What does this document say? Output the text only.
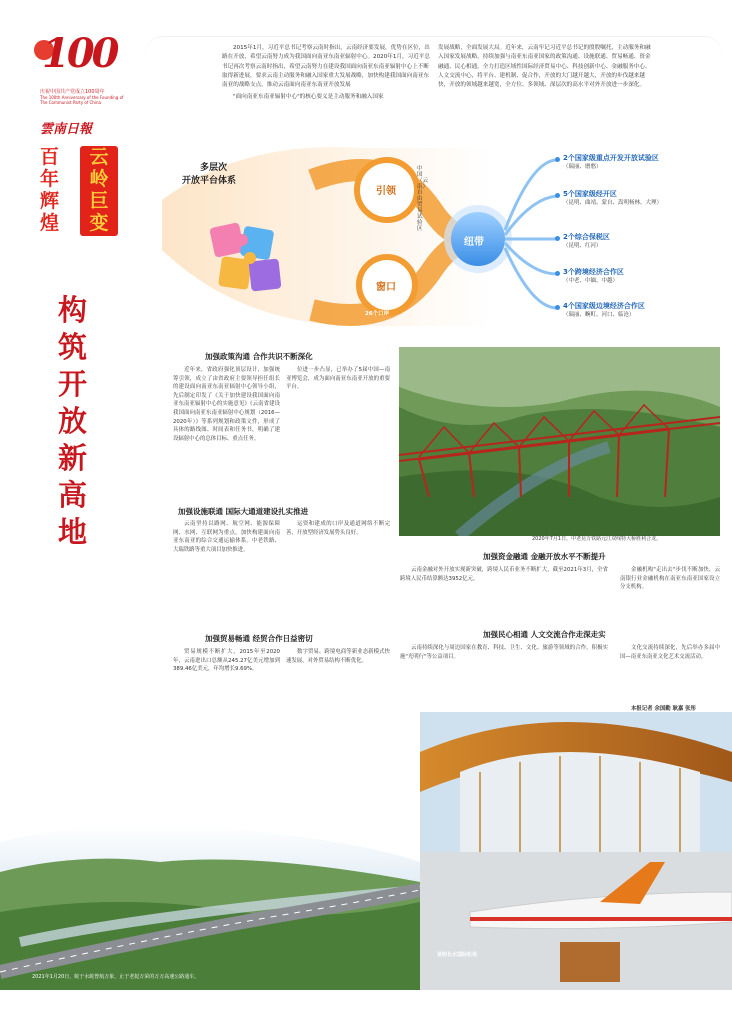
100
庆祝中国共产党成立100周年
The 100th Anniversary of the Founding of The Communist Party of China
雲南日報
百
年
辉
煌
云
岭
巨
变
构
筑
开
放
新
高
地
2015年1月，习近平总书记考察云南时指出，云南经济要发展，优势在区位，出路在开放，希望云南努力成为我国面向南亚东南亚辐射中心。2020年1月，习近平总书记再次考察云南时指出，希望云南努力在建设我国面向南亚东南亚辐射中心上不断取得新进展，要求云南主动服务和融入国家重大发展战略，加快构建我国面向南亚东南亚的战略支点，推动云南面向南亚东南亚开放发展
"面向南亚东南亚辐射中心"的核心要义是主动服务和融入国家
发展战略，全面发展大局。近年来，云南牢记习近平总书记的殷殷嘱托，主动服务和融入国家发展战略，持续加强与南亚东南亚国家的政策沟通、设施联通、贸易畅通、资金融通、民心相通，全力打造区域性国际经济贸易中心、科技创新中心、金融服务中心、人文交流中心，将平台、建机制、促合作，开放的大门越开越大，开放的步伐越来越快，开放的领域越来越宽，全方位、多领域、深层次的高水平对外开放进一步深化。
多层次
开放平台体系
引领
中国（云南）自由贸易试验区
窗口
26个口岸
纽带
2个国家级重点开发开放试验区
（瑞丽、磨憨）
5个国家级经开区
（昆明、曲靖、蒙自、嵩明杨林、大理）
2个综合保税区
（昆明、红河）
3个跨境经济合作区
（中老、中缅、中越）
4个国家级边境经济合作区
（瑞丽、畹町、河口、临沧）
加强政策沟通 合作共识不断深化

近年来，省政府强化顶层设计，加强统筹引领，成立了由省政府主要领导担任组长的建设面向南亚东南亚辐射中心领导小组，先后制定印发了《关于加快建设我国面向南亚东南亚辐射中心的实施意见》《云南省建设我国面向南亚东南亚辐射中心规划（2016—2020年）》等系列规划和政策文件，形成了具体的路线图、时间表和任务书，明确了建设辐射中心的总体目标、重点任务。

位进一步凸显，已举办了5届中国—南亚博览会，成为面向南亚东南亚开放的重要平台。

2020年7月1日，中老昆万铁路元江双线特大桥胜利合龙。
加强设施联通 国际大通道建设扎实推进

云南坚持以路网、航空网、能源保障网、水网、互联网为重点，加快构建面向南亚东南亚的综合交通运输体系。中老铁路、大瑞铁路等重大项目加快推进。

运资和建成的口岸及通道网络不断完善，开放型经济发展势头良好。

加强贸易畅通 经贸合作日益密切

贸易规模不断扩大，2015年至2020年，云南进出口总额从245.27亿美元增加到389.46亿美元，年均增长9.69%。

数字贸易、跨境电商等新业态新模式快速发展，对外贸易结构不断优化。

加强资金融通 金融开放水平不断提升

云南金融对外开放实现新突破，跨境人民币业务不断扩大，截至2021年3月，全省跨境人民币结算额达3952亿元。

金融机构"走出去"步伐不断加快，云南银行业金融机构在南亚东南亚国家设立分支机构。

加强民心相通 人文交流合作走深走实

云南持续深化与周边国家在教育、科技、卫生、文化、旅游等领域的合作，积极实施"光明行"等公益项目。

文化交流持续深化，先后举办多届中国—南亚东南亚文化艺术交流活动。

本报记者 余国勤 耿嘉 张彤
2021年1月20日，蛇于水蛇曾航万象，止于老挝万荣的万万高速公路通车。
昆明长水国际机场
